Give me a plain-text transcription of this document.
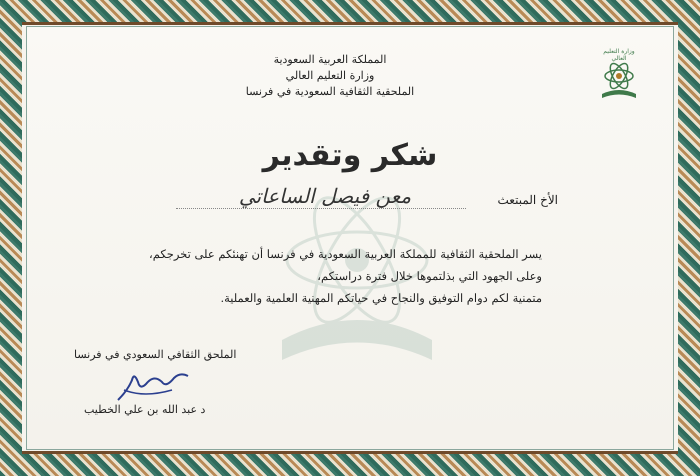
المملكة العربية السعودية
وزارة التعليم العالي
الملحقية الثقافية السعودية في فرنسا
وزارة التعليم العالي
شكر وتقدير
الأخ المبتعث
معن فيصل الساعاتي
يسر الملحقية الثقافية للمملكة العربية السعودية في فرنسا أن تهنئكم على تخرجكم،
وعلى الجهود التي بذلتموها خلال فترة دراستكم،
متمنية لكم دوام التوفيق والنجاح في حياتكم المهنية العلمية والعملية.
الملحق الثقافي السعودي في فرنسا
د عبد الله بن علي الخطيب
